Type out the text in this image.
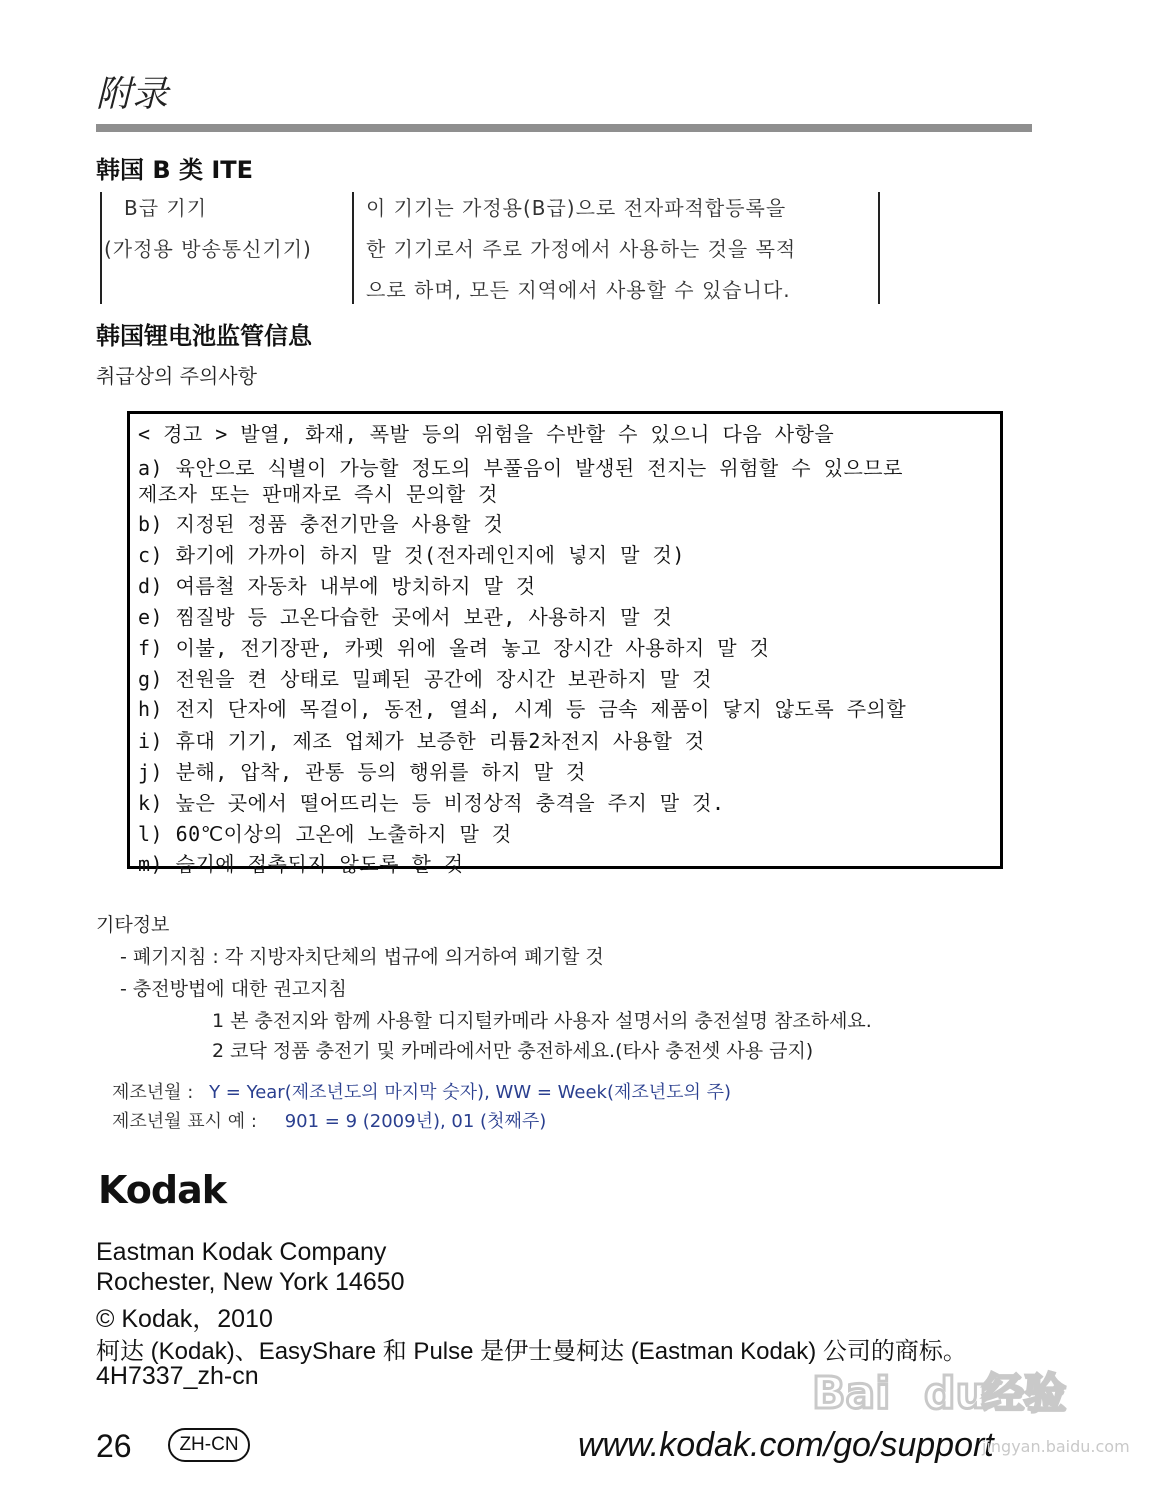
附录
韩国 B 类 ITE
B급 기기
(가정용 방송통신기기)
이 기기는 가정용(B급)으로 전자파적합등록을
한 기기로서 주로 가정에서 사용하는 것을 목적
으로 하며, 모든 지역에서 사용할 수 있습니다.
韩国锂电池监管信息
취급상의 주의사항
< 경고 > 발열, 화재, 폭발 등의 위험을 수반할 수 있으니 다음 사항을
a) 육안으로 식별이 가능할 정도의 부풀음이 발생된 전지는 위험할 수 있으므로
제조자 또는 판매자로 즉시 문의할 것
b) 지정된 정품 충전기만을 사용할 것
c) 화기에 가까이 하지 말 것(전자레인지에 넣지 말 것)
d) 여름철 자동차 내부에 방치하지 말 것
e) 찜질방 등 고온다습한 곳에서 보관, 사용하지 말 것
f) 이불, 전기장판, 카펫 위에 올려 놓고 장시간 사용하지 말 것
g) 전원을 켠 상태로 밀폐된 공간에 장시간 보관하지 말 것
h) 전지 단자에 목걸이, 동전, 열쇠, 시계 등 금속 제품이 닿지 않도록 주의할
i) 휴대 기기, 제조 업체가 보증한 리튬2차전지 사용할 것
j) 분해, 압착, 관통 등의 행위를 하지 말 것
k) 높은 곳에서 떨어뜨리는 등 비정상적 충격을 주지 말 것.
l) 60℃이상의 고온에 노출하지 말 것
m) 습기에 접촉되지 않도록 할 것
기타정보
- 폐기지침 : 각 지방자치단체의 법규에 의거하여 폐기할 것
- 충전방법에 대한 권고지침
1 본 충전지와 함께 사용할 디지털카메라 사용자 설명서의 충전설명 참조하세요.
2 코닥 정품 충전기 및 카메라에서만 충전하세요.(타사 충전셋 사용 금지)
제조년월 : Y = Year(제조년도의 마지막 숫자), WW = Week(제조년도의 주)
제조년월 표시 예 : 901 = 9 (2009년), 01 (첫째주)
Kodak
Eastman Kodak Company
Rochester, New York 14650
© Kodak，2010
柯达 (Kodak)、EasyShare 和 Pulse 是伊士曼柯达 (Eastman Kodak) 公司的商标。
4H7337_zh-cn
26	ZH-CN	www.kodak.com/go/support
Bai du
经验
jingyan.baidu.com
